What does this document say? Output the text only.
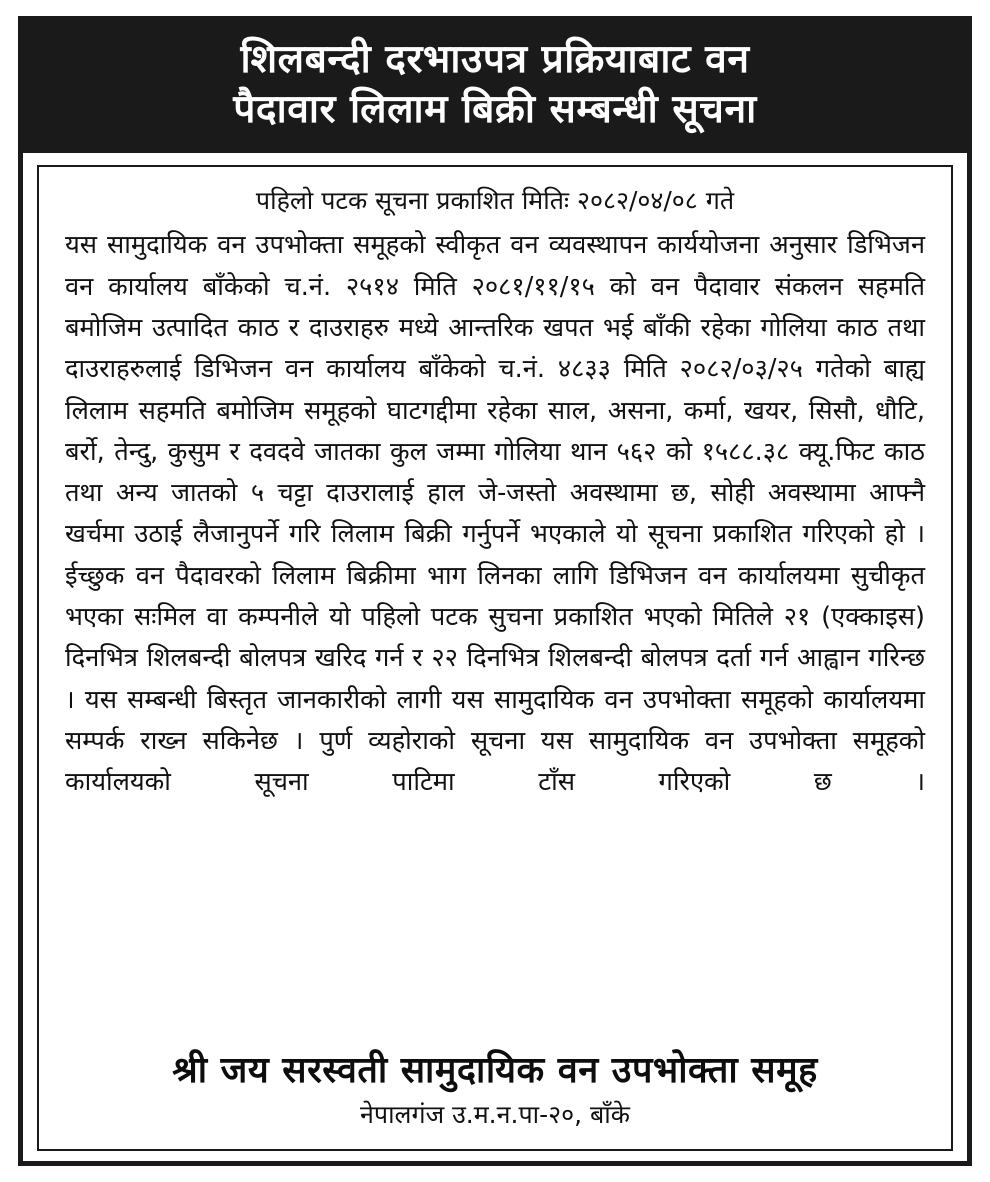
शिलबन्दी दरभाउपत्र प्रक्रियाबाट वन
पैदावार लिलाम बिक्री सम्बन्धी सूचना
पहिलो पटक सूचना प्रकाशित मितिः २०८२/०४/०८ गते
यस सामुदायिक वन उपभोक्ता समूहको स्वीकृत वन व्यवस्थापन कार्ययोजना अनुसार डिभिजन वन कार्यालय बाँकेको च.नं. २५१४ मिति २०८१/११/१५ को वन पैदावार संकलन सहमति बमोजिम उत्पादित काठ र दाउराहरु मध्ये आन्तरिक खपत भई बाँकी रहेका गोलिया काठ तथा दाउराहरुलाई डिभिजन वन कार्यालय बाँकेको च.नं. ४८३३ मिति २०८२/०३/२५ गतेको बाह्य लिलाम सहमति बमोजिम समूहको घाटगद्दीमा रहेका साल, असना, कर्मा, खयर, सिसौ, धौटि, बर्रो, तेन्दु, कुसुम र दवदवे जातका कुल जम्मा गोलिया थान ५६२ को १५८८.३८ क्यू.फिट काठ तथा अन्य जातको ५ चट्टा दाउरालाई हाल जे-जस्तो अवस्थामा छ, सोही अवस्थामा आफ्नै खर्चमा उठाई लैजानुपर्ने गरि लिलाम बिक्री गर्नुपर्ने भएकाले यो सूचना प्रकाशित गरिएको हो । ईच्छुक वन पैदावरको लिलाम बिक्रीमा भाग लिनका लागि डिभिजन वन कार्यालयमा सुचीकृत भएका सःमिल वा कम्पनीले यो पहिलो पटक सुचना प्रकाशित भएको मितिले २१ (एक्काइस) दिनभित्र शिलबन्दी बोलपत्र खरिद गर्न र २२ दिनभित्र शिलबन्दी बोलपत्र दर्ता गर्न आह्वान गरिन्छ । यस सम्बन्धी बिस्तृत जानकारीको लागी यस सामुदायिक वन उपभोक्ता समूहको कार्यालयमा सम्पर्क राख्न सकिनेछ । पुर्ण व्यहोराको सूचना यस सामुदायिक वन उपभोक्ता समूहको कार्यालयको सूचना पाटिमा टाँस गरिएको छ ।
श्री जय सरस्वती सामुदायिक वन उपभोक्ता समूह
नेपालगंज उ.म.न.पा-२०, बाँके
